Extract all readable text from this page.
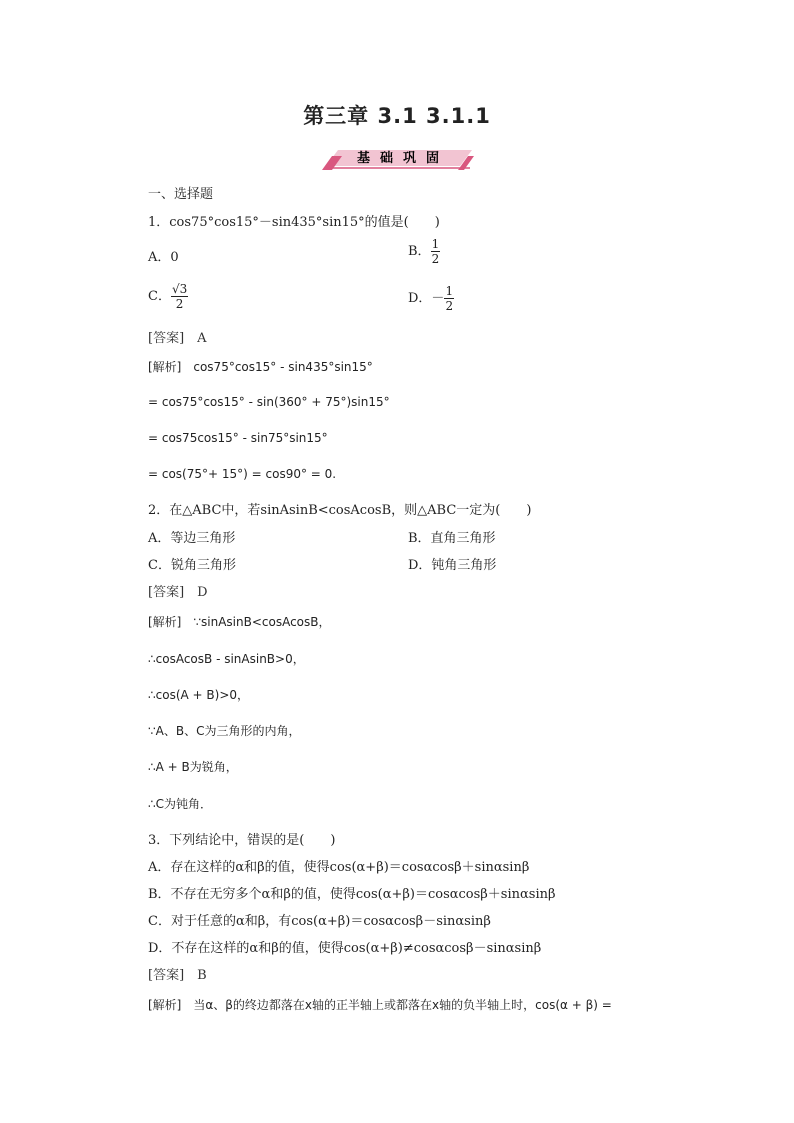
第三章 3.1 3.1.1
基础巩固
一、选择题
1．cos75°cos15°－sin435°sin15°的值是(　　)
A．0	B． $\frac{1}{2}$
C． $\frac{√3}{2}$	D．－ $\frac{1}{2}$
[答案]　A
[解析]　cos75°cos15° - sin435°sin15°
= cos75°cos15° - sin(360° + 75°)sin15°
= cos75cos15° - sin75°sin15°
= cos(75°+ 15°) = cos90° = 0.
2．在△ABC中，若sinAsinB<cosAcosB，则△ABC一定为(　　)
A．等边三角形	B．直角三角形
C．锐角三角形	D．钝角三角形
[答案]　D
[解析]　∵sinAsinB<cosAcosB，
∴cosAcosB - sinAsinB>0，
∴cos(A + B)>0，
∵A、B、C为三角形的内角，
∴A + B为锐角，
∴C为钝角．
3．下列结论中，错误的是(　　)
A．存在这样的α和β的值，使得cos(α+β)＝cosαcosβ＋sinαsinβ
B．不存在无穷多个α和β的值，使得cos(α+β)＝cosαcosβ＋sinαsinβ
C．对于任意的α和β，有cos(α+β)＝cosαcosβ－sinαsinβ
D．不存在这样的α和β的值，使得cos(α+β)≠cosαcosβ－sinαsinβ
[答案]　B
[解析]　当α、β的终边都落在x轴的正半轴上或都落在x轴的负半轴上时，cos(α + β) =
